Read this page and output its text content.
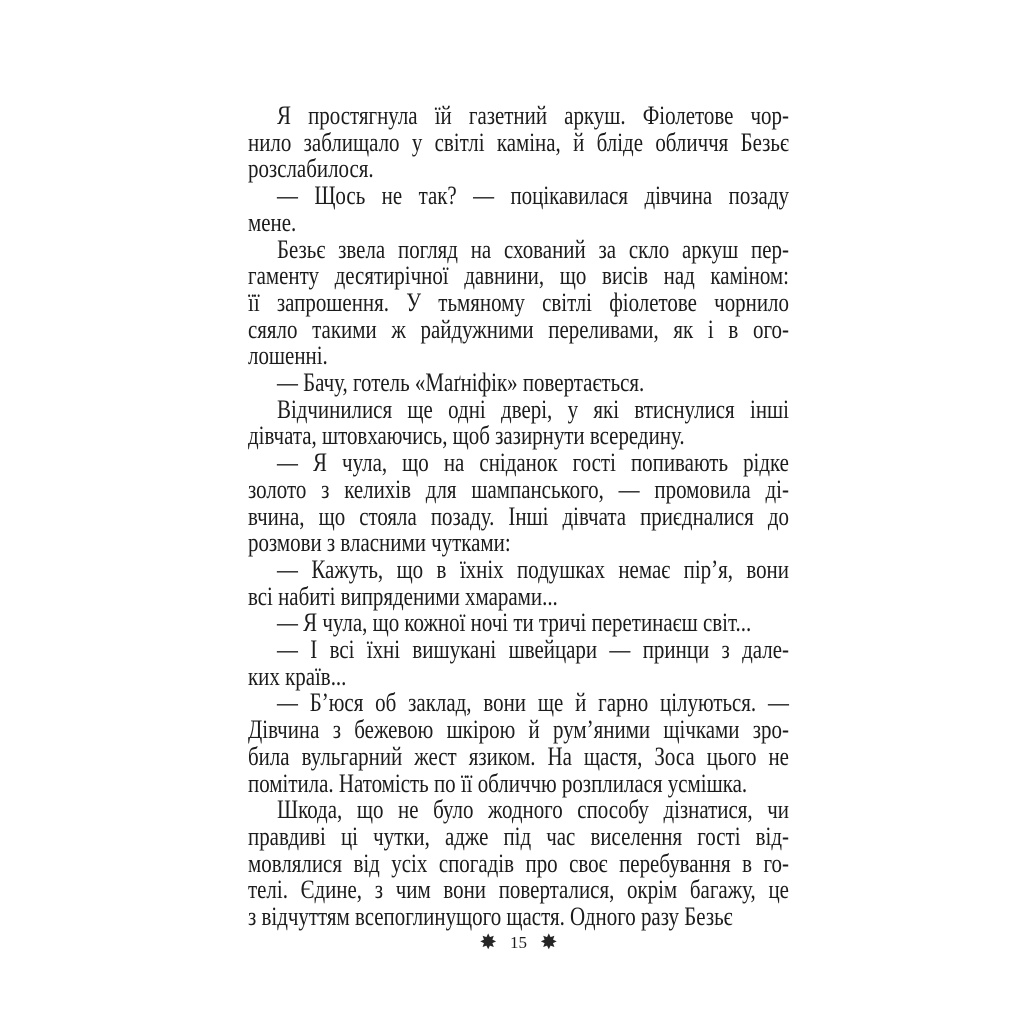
Я простягнула їй газетний аркуш. Фіолетове чор-
нило заблищало у світлі каміна, й бліде обличчя Безьє
розслабилося.
— Щось не так? — поцікавилася дівчина позаду
мене.
Безьє звела погляд на схований за скло аркуш пер-
гаменту десятирічної давнини, що висів над каміном:
її запрошення. У тьмяному світлі фіолетове чорнило
сяяло такими ж райдужними переливами, як і в ого-
лошенні.
— Бачу, готель «Маґніфік» повертається.
Відчинилися ще одні двері, у які втиснулися інші
дівчата, штовхаючись, щоб зазирнути всередину.
— Я чула, що на сніданок гості попивають рідке
золото з келихів для шампанського, — промовила ді-
вчина, що стояла позаду. Інші дівчата приєдналися до
розмови з власними чутками:
— Кажуть, що в їхніх подушках немає пір’я, вони
всі набиті випряденими хмарами...
— Я чула, що кожної ночі ти тричі перетинаєш світ...
— І всі їхні вишукані швейцари — принци з дале-
ких країв...
— Б’юся об заклад, вони ще й гарно цілуються. —
Дівчина з бежевою шкірою й рум’яними щічками зро-
била вульгарний жест язиком. На щастя, Зоса цього не
помітила. Натомість по її обличчю розплилася усмішка.
Шкода, що не було жодного способу дізнатися, чи
правдиві ці чутки, адже під час виселення гості від-
мовлялися від усіх спогадів про своє перебування в го-
телі. Єдине, з чим вони поверталися, окрім багажу, це
з відчуттям всепоглинущого щастя. Одного разу Безьє
✸ 15 ✸
